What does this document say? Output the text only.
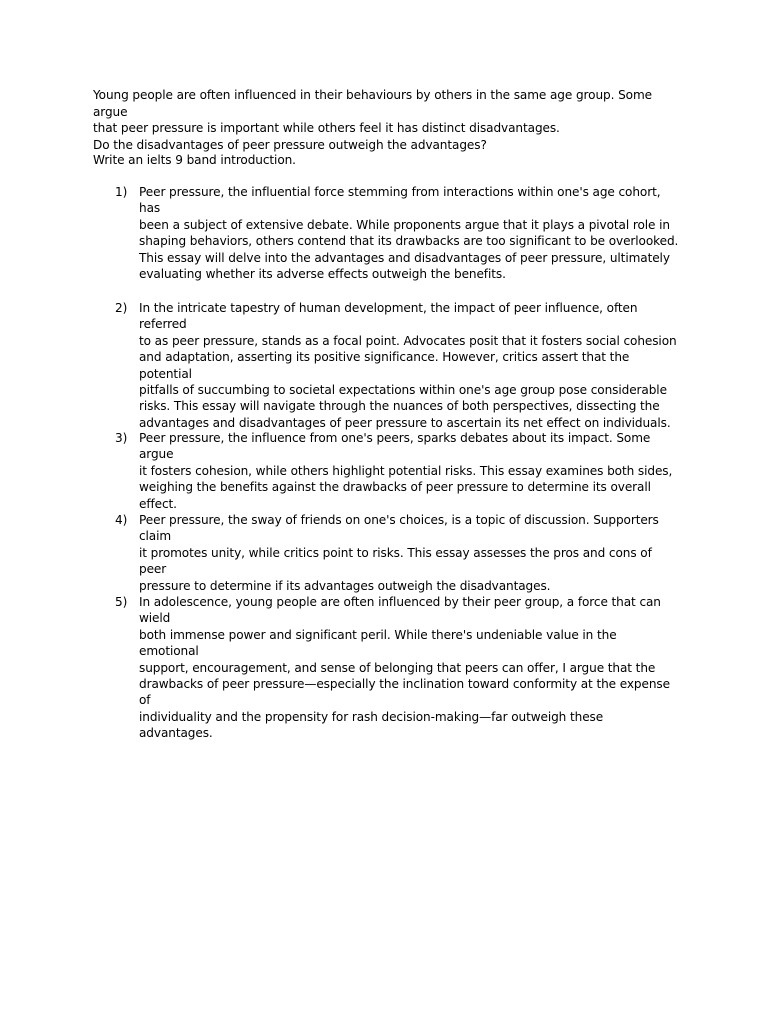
Young people are often influenced in their behaviours by others in the same age group. Some argue
that peer pressure is important while others feel it has distinct disadvantages.
Do the disadvantages of peer pressure outweigh the advantages?

Write an ielts 9 band introduction.

1) Peer pressure, the influential force stemming from interactions within one's age cohort, has
been a subject of extensive debate. While proponents argue that it plays a pivotal role in
shaping behaviors, others contend that its drawbacks are too significant to be overlooked.
This essay will delve into the advantages and disadvantages of peer pressure, ultimately
evaluating whether its adverse effects outweigh the benefits.
2) In the intricate tapestry of human development, the impact of peer influence, often referred
to as peer pressure, stands as a focal point. Advocates posit that it fosters social cohesion
and adaptation, asserting its positive significance. However, critics assert that the potential
pitfalls of succumbing to societal expectations within one's age group pose considerable
risks. This essay will navigate through the nuances of both perspectives, dissecting the
advantages and disadvantages of peer pressure to ascertain its net effect on individuals.
3) Peer pressure, the influence from one's peers, sparks debates about its impact. Some argue
it fosters cohesion, while others highlight potential risks. This essay examines both sides,
weighing the benefits against the drawbacks of peer pressure to determine its overall effect.
4) Peer pressure, the sway of friends on one's choices, is a topic of discussion. Supporters claim
it promotes unity, while critics point to risks. This essay assesses the pros and cons of peer
pressure to determine if its advantages outweigh the disadvantages.
5) In adolescence, young people are often influenced by their peer group, a force that can wield
both immense power and significant peril. While there's undeniable value in the emotional
support, encouragement, and sense of belonging that peers can offer, I argue that the
drawbacks of peer pressure—especially the inclination toward conformity at the expense of
individuality and the propensity for rash decision-making—far outweigh these advantages.
